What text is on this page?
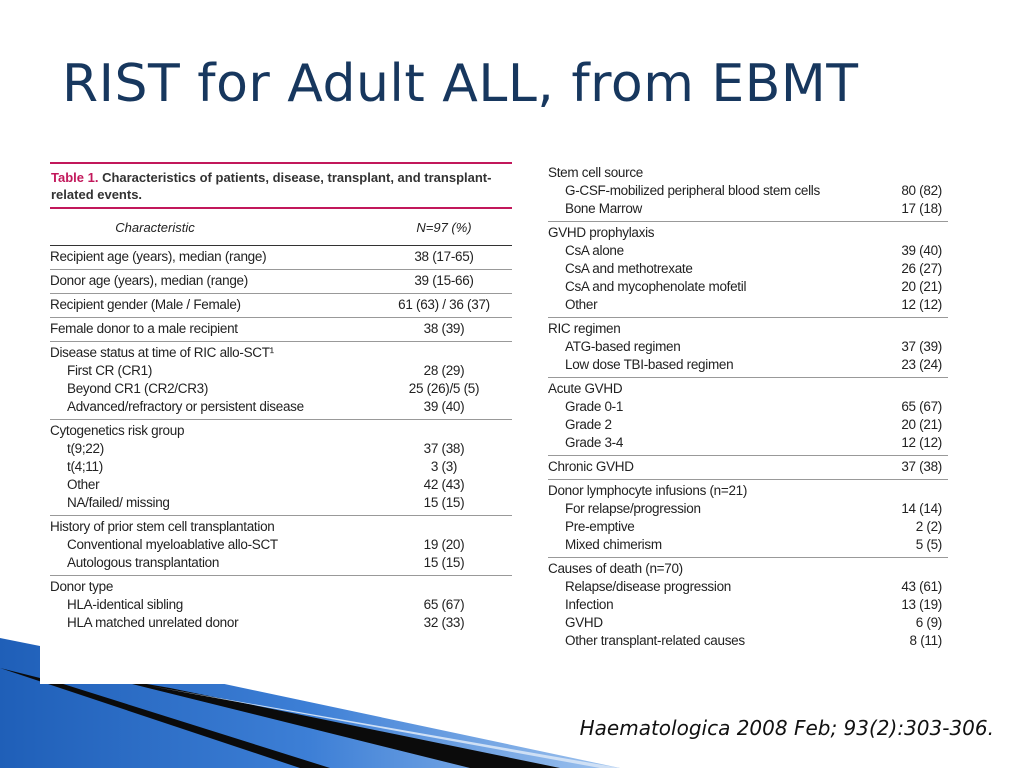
RIST for Adult ALL, from EBMT
Table 1. Characteristics of patients, disease, transplant, and transplant-related events.
Characteristic	N=97 (%)
Recipient age (years), median (range)	38 (17-65)
Donor age (years), median (range)	39 (15-66)
Recipient gender (Male / Female)	61 (63) / 36 (37)
Female donor to a male recipient	38 (39)
Disease status at time of RIC allo-SCT¹
First CR (CR1)	28 (29)
Beyond CR1 (CR2/CR3)	25 (26)/5 (5)
Advanced/refractory or persistent disease	39 (40)
Cytogenetics risk group
t(9;22)	37 (38)
t(4;11)	3 (3)
Other	42 (43)
NA/failed/ missing	15 (15)
History of prior stem cell transplantation
Conventional myeloablative allo-SCT	19 (20)
Autologous transplantation	15 (15)
Donor type
HLA-identical sibling	65 (67)
HLA matched unrelated donor	32 (33)
Stem cell source
G-CSF-mobilized peripheral blood stem cells	80 (82)
Bone Marrow	17 (18)
GVHD prophylaxis
CsA alone	39 (40)
CsA and methotrexate	26 (27)
CsA and mycophenolate mofetil	20 (21)
Other	12 (12)
RIC regimen
ATG-based regimen	37 (39)
Low dose TBI-based regimen	23 (24)
Acute GVHD
Grade 0-1	65 (67)
Grade 2	20 (21)
Grade 3-4	12 (12)
Chronic GVHD	37 (38)
Donor lymphocyte infusions (n=21)
For relapse/progression	14 (14)
Pre-emptive	2 (2)
Mixed chimerism	5 (5)
Causes of death (n=70)
Relapse/disease progression	43 (61)
Infection	13 (19)
GVHD	6 (9)
Other transplant-related causes	8 (11)
Haematologica 2008 Feb; 93(2):303-306.
